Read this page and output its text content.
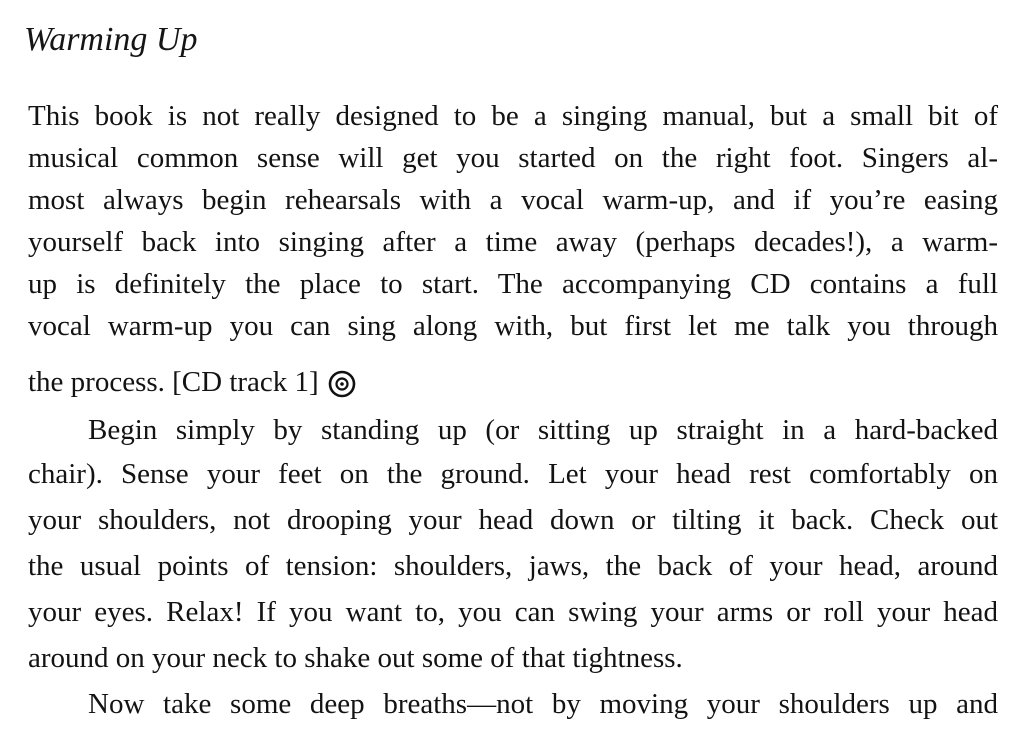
Warming Up
This book is not really designed to be a singing manual, but a small bit of
musical common sense will get you started on the right foot. Singers al-
most always begin rehearsals with a vocal warm-up, and if you’re easing
yourself back into singing after a time away (perhaps decades!), a warm-
up is definitely the place to start. The accompanying CD contains a full
vocal warm-up you can sing along with, but first let me talk you through
the process. [CD track 1]
Begin simply by standing up (or sitting up straight in a hard-backed
chair). Sense your feet on the ground. Let your head rest comfortably on
your shoulders, not drooping your head down or tilting it back. Check out
the usual points of tension: shoulders, jaws, the back of your head, around
your eyes. Relax! If you want to, you can swing your arms or roll your head
around on your neck to shake out some of that tightness.
Now take some deep breaths—not by moving your shoulders up and
